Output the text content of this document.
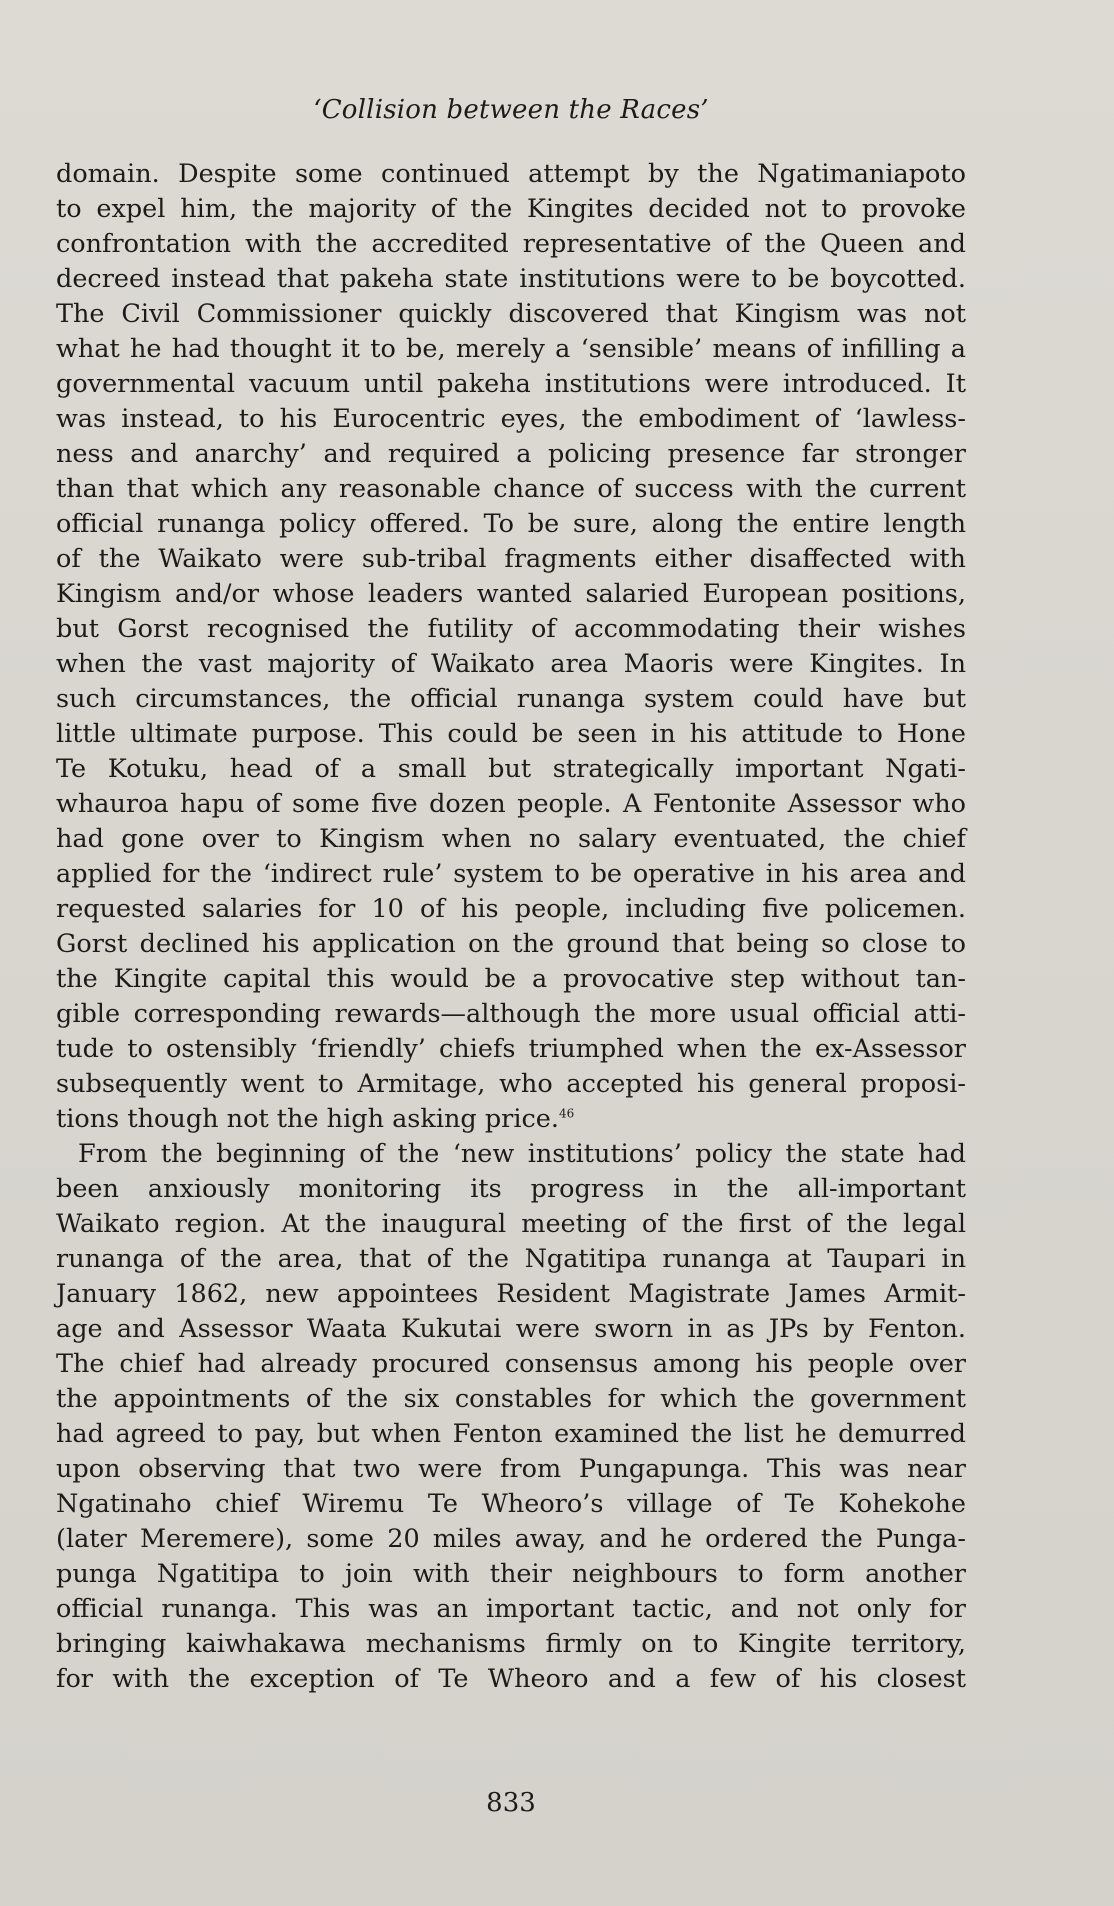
‘Collision between the Races’
domain. Despite some continued attempt by the Ngatimaniapoto
to expel him, the majority of the Kingites decided not to provoke
confrontation with the accredited representative of the Queen and
decreed instead that pakeha state institutions were to be boycotted.
The Civil Commissioner quickly discovered that Kingism was not
what he had thought it to be, merely a ‘sensible’ means of infilling a
governmental vacuum until pakeha institutions were introduced. It
was instead, to his Eurocentric eyes, the embodiment of ‘lawless-
ness and anarchy’ and required a policing presence far stronger
than that which any reasonable chance of success with the current
official runanga policy offered. To be sure, along the entire length
of the Waikato were sub-tribal fragments either disaffected with
Kingism and/or whose leaders wanted salaried European positions,
but Gorst recognised the futility of accommodating their wishes
when the vast majority of Waikato area Maoris were Kingites. In
such circumstances, the official runanga system could have but
little ultimate purpose. This could be seen in his attitude to Hone
Te Kotuku, head of a small but strategically important Ngati-
whauroa hapu of some five dozen people. A Fentonite Assessor who
had gone over to Kingism when no salary eventuated, the chief
applied for the ‘indirect rule’ system to be operative in his area and
requested salaries for 10 of his people, including five policemen.
Gorst declined his application on the ground that being so close to
the Kingite capital this would be a provocative step without tan-
gible corresponding rewards—although the more usual official atti-
tude to ostensibly ‘friendly’ chiefs triumphed when the ex-Assessor
subsequently went to Armitage, who accepted his general proposi-
tions though not the high asking price.$^{46}$
From the beginning of the ‘new institutions’ policy the state had
been anxiously monitoring its progress in the all-important
Waikato region. At the inaugural meeting of the first of the legal
runanga of the area, that of the Ngatitipa runanga at Taupari in
January 1862, new appointees Resident Magistrate James Armit-
age and Assessor Waata Kukutai were sworn in as JPs by Fenton.
The chief had already procured consensus among his people over
the appointments of the six constables for which the government
had agreed to pay, but when Fenton examined the list he demurred
upon observing that two were from Pungapunga. This was near
Ngatinaho chief Wiremu Te Wheoro’s village of Te Kohekohe
(later Meremere), some 20 miles away, and he ordered the Punga-
punga Ngatitipa to join with their neighbours to form another
official runanga. This was an important tactic, and not only for
bringing kaiwhakawa mechanisms firmly on to Kingite territory,
for with the exception of Te Wheoro and a few of his closest
833
